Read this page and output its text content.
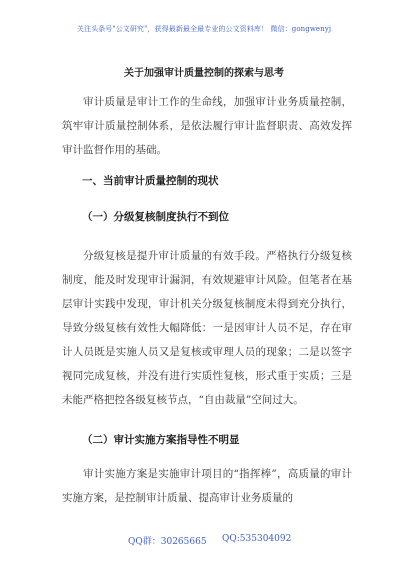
关注头条号"公文研究"，获得最新最全最专业的公文资料库！ 微信：gongwenyj
关于加强审计质量控制的探索与思考

审计质量是审计工作的生命线，加强审计业务质量控制，筑牢审计质量控制体系，是依法履行审计监督职责、高效发挥审计监督作用的基础。

一、当前审计质量控制的现状
（一）分级复核制度执行不到位

分级复核是提升审计质量的有效手段。严格执行分级复核制度，能及时发现审计漏洞，有效规避审计风险。但笔者在基层审计实践中发现，审计机关分级复核制度未得到充分执行，导致分级复核有效性大幅降低：一是因审计人员不足，存在审计人员既是实施人员又是复核或审理人员的现象；二是以签字视同完成复核，并没有进行实质性复核，形式重于实质；三是未能严格把控各级复核节点，“自由裁量”空间过大。

（二）审计实施方案指导性不明显

审计实施方案是实施审计项目的“指挥棒”，高质量的审计实施方案，是控制审计质量、提高审计业务质量的

QQ群：30265665 QQ:535304092
